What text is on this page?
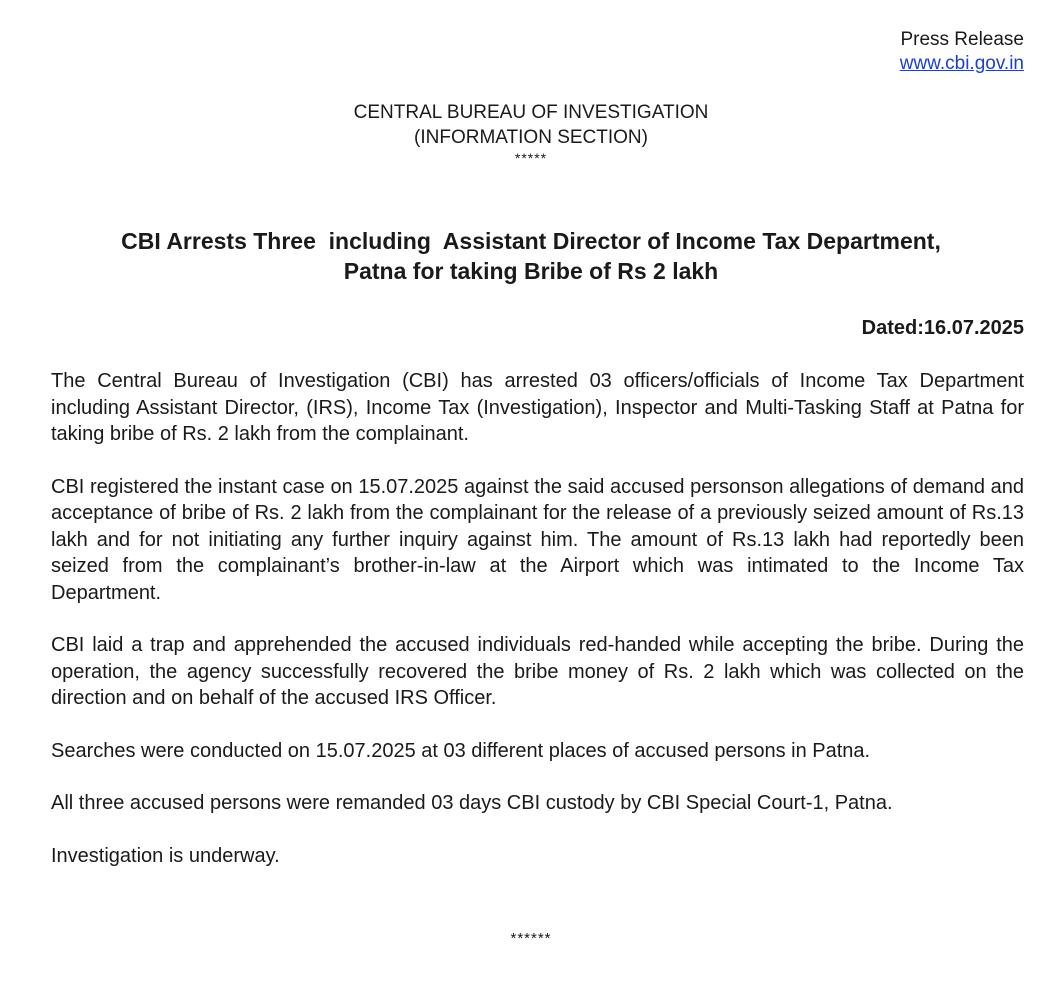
Press Release
www.cbi.gov.in
CENTRAL BUREAU OF INVESTIGATION
(INFORMATION SECTION)
*****
CBI Arrests Three  including  Assistant Director of Income Tax Department,
Patna for taking Bribe of Rs 2 lakh
Dated:16.07.2025

The Central Bureau of Investigation (CBI) has arrested 03 officers/officials of Income Tax Department including Assistant Director, (IRS), Income Tax (Investigation), Inspector and Multi-Tasking Staff at Patna for taking bribe of Rs. 2 lakh from the complainant.

CBI registered the instant case on 15.07.2025 against the said accused personson allegations of demand and acceptance of bribe of Rs. 2 lakh from the complainant for the release of a previously seized amount of Rs.13 lakh and for not initiating any further inquiry against him. The amount of Rs.13 lakh had reportedly been seized from the complainant’s brother-in-law at the Airport which was intimated to the Income Tax Department.

CBI laid a trap and apprehended the accused individuals red-handed while accepting the bribe. During the operation, the agency successfully recovered the bribe money of Rs. 2 lakh which was collected on the direction and on behalf of the accused IRS Officer.

Searches were conducted on 15.07.2025 at 03 different places of accused persons in Patna.

All three accused persons were remanded 03 days CBI custody by CBI Special Court-1, Patna.

Investigation is underway.

******
